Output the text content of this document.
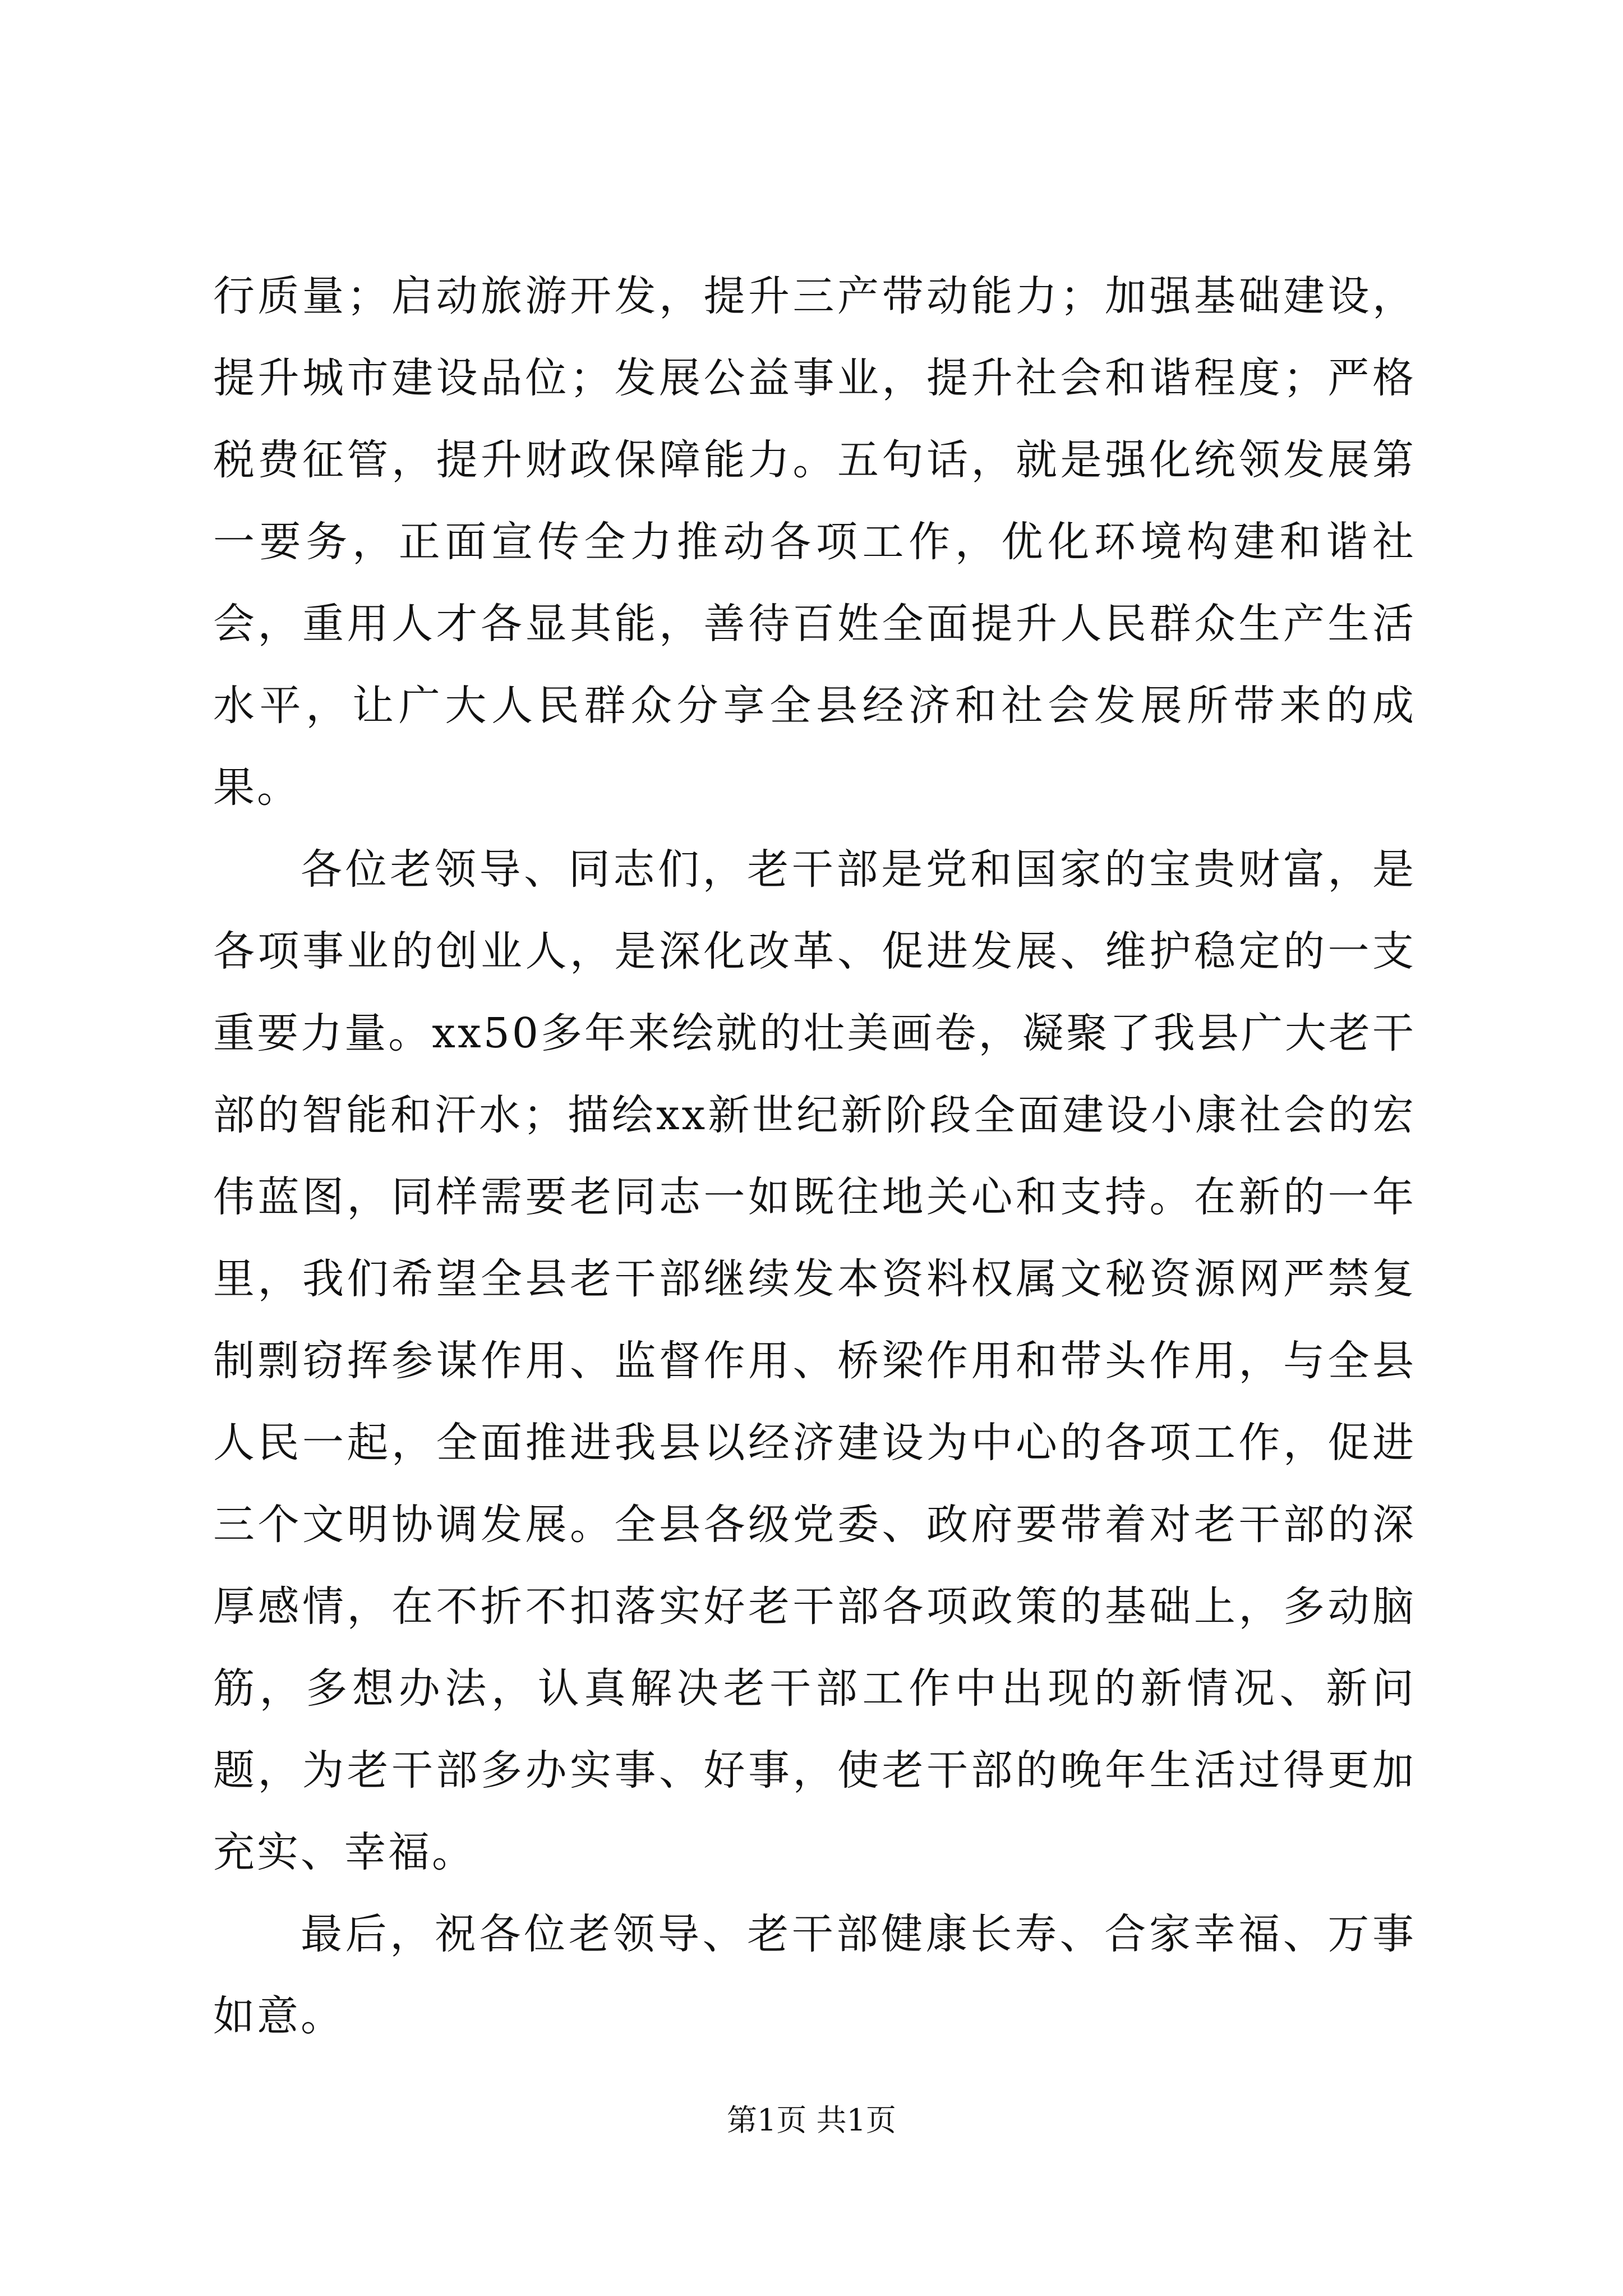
行质量；启动旅游开发，提升三产带动能力；加强基础建设，提升城市建设品位；发展公益事业，提升社会和谐程度；严格税费征管，提升财政保障能力。五句话，就是强化统领发展第一要务，正面宣传全力推动各项工作，优化环境构建和谐社会，重用人才各显其能，善待百姓全面提升人民群众生产生活水平，让广大人民群众分享全县经济和社会发展所带来的成果。

各位老领导、同志们，老干部是党和国家的宝贵财富，是各项事业的创业人，是深化改革、促进发展、维护稳定的一支重要力量。xx50多年来绘就的壮美画卷，凝聚了我县广大老干部的智能和汗水；描绘xx新世纪新阶段全面建设小康社会的宏伟蓝图，同样需要老同志一如既往地关心和支持。在新的一年里，我们希望全县老干部继续发本资料权属文秘资源网严禁复制剽窃挥参谋作用、监督作用、桥梁作用和带头作用，与全县人民一起，全面推进我县以经济建设为中心的各项工作，促进三个文明协调发展。全县各级党委、政府要带着对老干部的深厚感情，在不折不扣落实好老干部各项政策的基础上，多动脑筋，多想办法，认真解决老干部工作中出现的新情况、新问题，为老干部多办实事、好事，使老干部的晚年生活过得更加充实、幸福。

最后，祝各位老领导、老干部健康长寿、合家幸福、万事如意。

第1页 共1页
